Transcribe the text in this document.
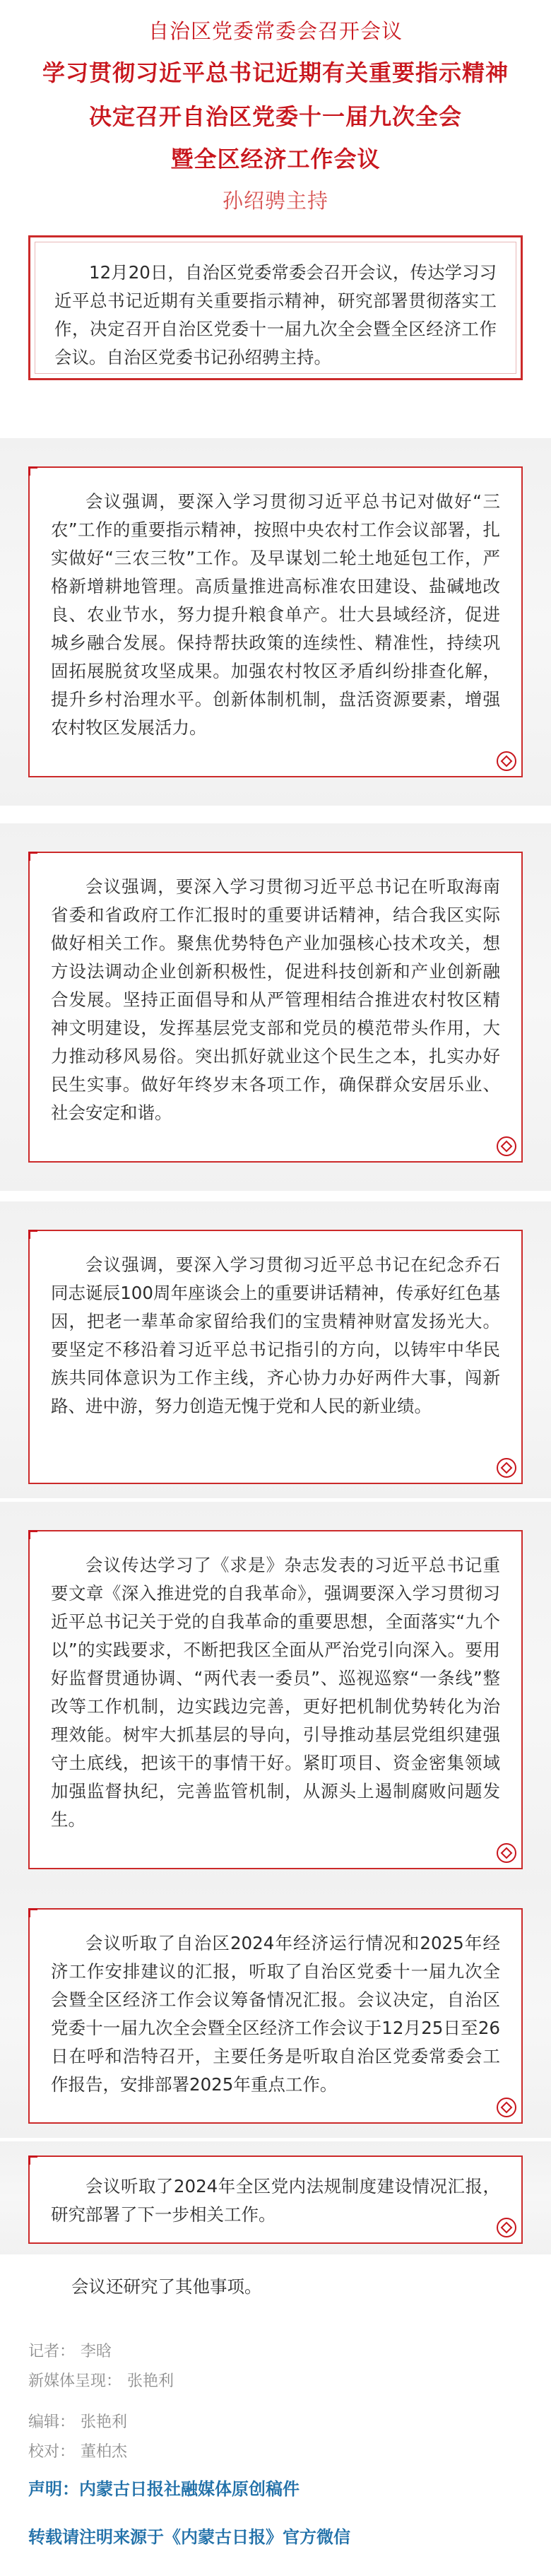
自治区党委常委会召开会议
学习贯彻习近平总书记近期有关重要指示精神
决定召开自治区党委十一届九次全会
暨全区经济工作会议
孙绍骋主持

12月20日，自治区党委常委会召开会议，传达学习习近平总书记近期有关重要指示精神，研究部署贯彻落实工作，决定召开自治区党委十一届九次全会暨全区经济工作会议。自治区党委书记孙绍骋主持。

会议强调，要深入学习贯彻习近平总书记对做好“三农”工作的重要指示精神，按照中央农村工作会议部署，扎实做好“三农三牧”工作。及早谋划二轮土地延包工作，严格新增耕地管理。高质量推进高标准农田建设、盐碱地改良、农业节水，努力提升粮食单产。壮大县域经济，促进城乡融合发展。保持帮扶政策的连续性、精准性，持续巩固拓展脱贫攻坚成果。加强农村牧区矛盾纠纷排查化解，提升乡村治理水平。创新体制机制，盘活资源要素，增强农村牧区发展活力。

会议强调，要深入学习贯彻习近平总书记在听取海南省委和省政府工作汇报时的重要讲话精神，结合我区实际做好相关工作。聚焦优势特色产业加强核心技术攻关，想方设法调动企业创新积极性，促进科技创新和产业创新融合发展。坚持正面倡导和从严管理相结合推进农村牧区精神文明建设，发挥基层党支部和党员的模范带头作用，大力推动移风易俗。突出抓好就业这个民生之本，扎实办好民生实事。做好年终岁末各项工作，确保群众安居乐业、社会安定和谐。

会议强调，要深入学习贯彻习近平总书记在纪念乔石同志诞辰100周年座谈会上的重要讲话精神，传承好红色基因，把老一辈革命家留给我们的宝贵精神财富发扬光大。要坚定不移沿着习近平总书记指引的方向，以铸牢中华民族共同体意识为工作主线，齐心协力办好两件大事，闯新路、进中游，努力创造无愧于党和人民的新业绩。

会议传达学习了《求是》杂志发表的习近平总书记重要文章《深入推进党的自我革命》，强调要深入学习贯彻习近平总书记关于党的自我革命的重要思想，全面落实“九个以”的实践要求，不断把我区全面从严治党引向深入。要用好监督贯通协调、“两代表一委员”、巡视巡察“一条线”整改等工作机制，边实践边完善，更好把机制优势转化为治理效能。树牢大抓基层的导向，引导推动基层党组织建强守土底线，把该干的事情干好。紧盯项目、资金密集领域加强监督执纪，完善监管机制，从源头上遏制腐败问题发生。

会议听取了自治区2024年经济运行情况和2025年经济工作安排建议的汇报，听取了自治区党委十一届九次全会暨全区经济工作会议筹备情况汇报。会议决定，自治区党委十一届九次全会暨全区经济工作会议于12月25日至26日在呼和浩特召开，主要任务是听取自治区党委常委会工作报告，安排部署2025年重点工作。

会议听取了2024年全区党内法规制度建设情况汇报，研究部署了下一步相关工作。

会议还研究了其他事项。
记者： 李晗
新媒体呈现： 张艳利
编辑： 张艳利
校对： 董柏杰
声明：内蒙古日报社融媒体原创稿件
转载请注明来源于《内蒙古日报》官方微信
